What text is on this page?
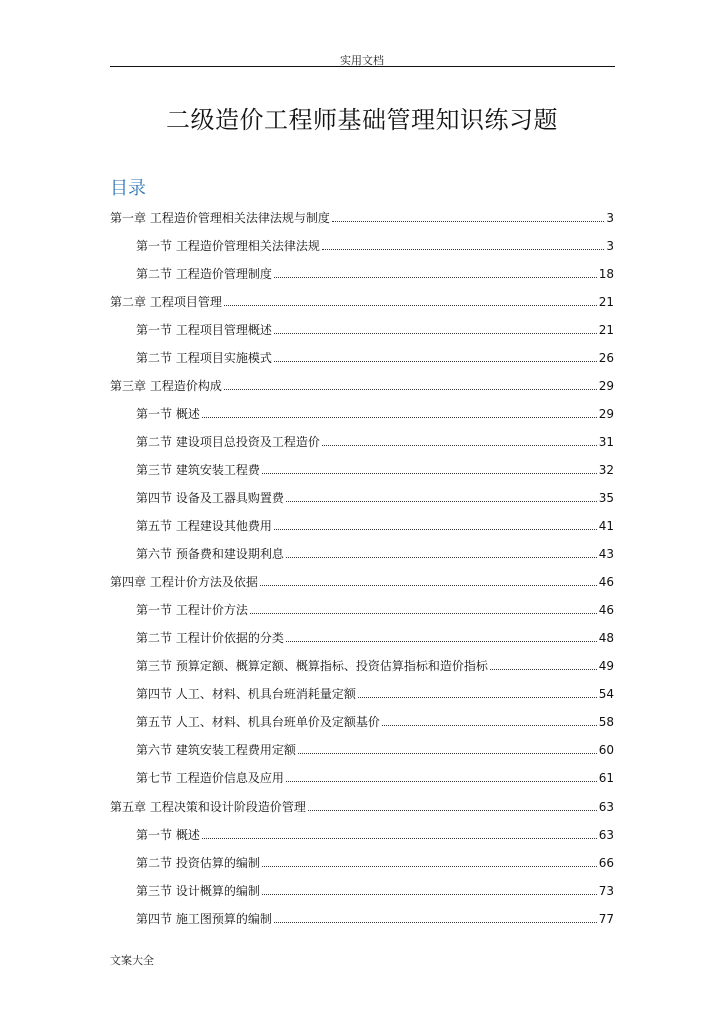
实用文档
二级造价工程师基础管理知识练习题
目录
第一章 工程造价管理相关法律法规与制度	3
第一节 工程造价管理相关法律法规	3
第二节 工程造价管理制度	18
第二章 工程项目管理	21
第一节 工程项目管理概述	21
第二节 工程项目实施模式	26
第三章 工程造价构成	29
第一节 概述	29
第二节 建设项目总投资及工程造价	31
第三节 建筑安装工程费	32
第四节 设备及工器具购置费	35
第五节 工程建设其他费用	41
第六节 预备费和建设期利息	43
第四章 工程计价方法及依据	46
第一节 工程计价方法	46
第二节 工程计价依据的分类	48
第三节 预算定额、概算定额、概算指标、投资估算指标和造价指标	49
第四节 人工、材料、机具台班消耗量定额	54
第五节 人工、材料、机具台班单价及定额基价	58
第六节 建筑安装工程费用定额	60
第七节 工程造价信息及应用	61
第五章 工程决策和设计阶段造价管理	63
第一节 概述	63
第二节 投资估算的编制	66
第三节 设计概算的编制	73
第四节 施工图预算的编制	77
文案大全
